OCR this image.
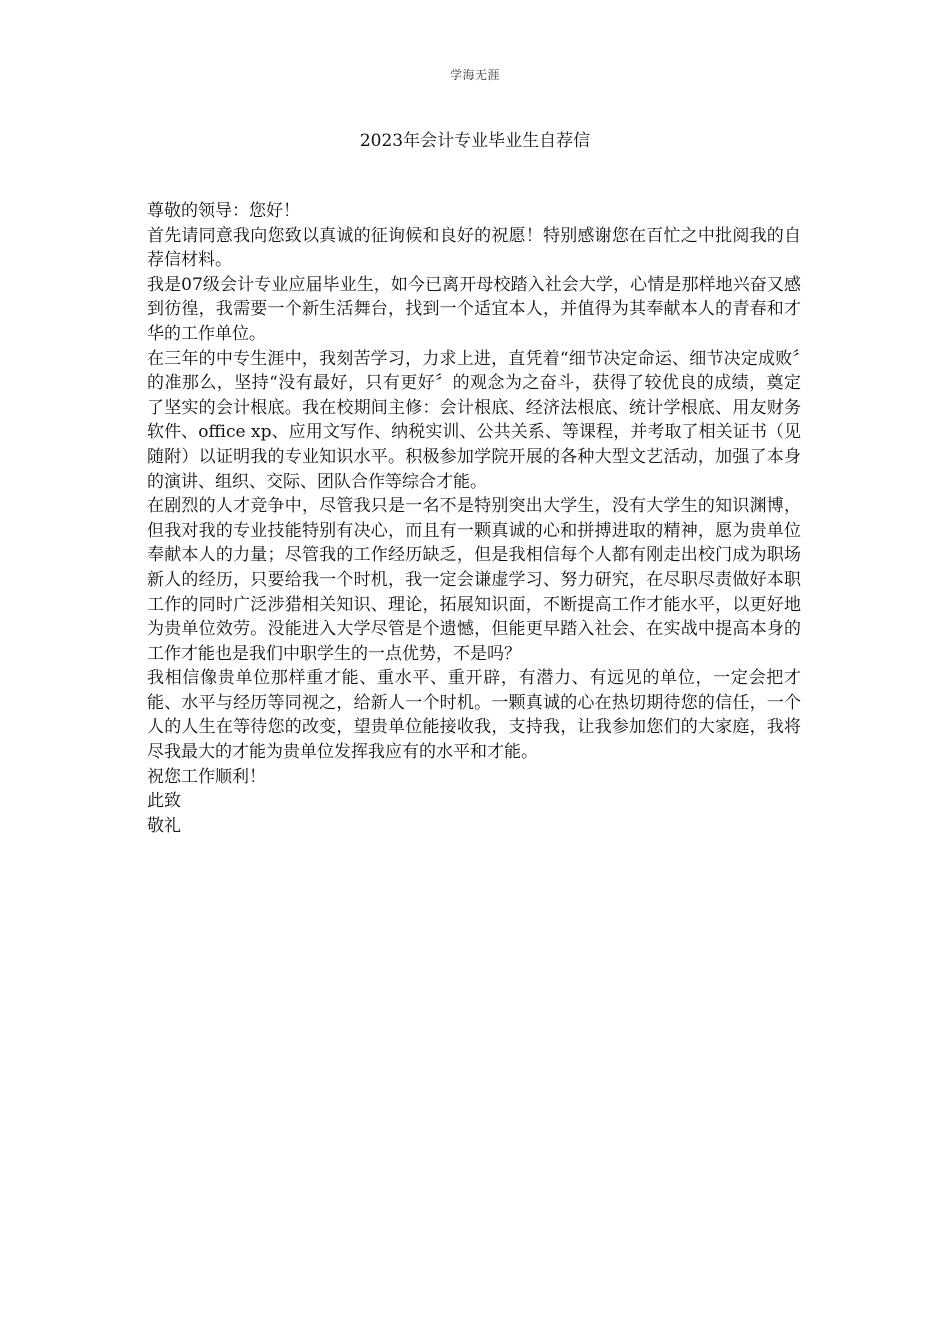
学海无涯
2023年会计专业毕业生自荐信

尊敬的领导：您好！

首先请同意我向您致以真诚的征询候和良好的祝愿！特别感谢您在百忙之中批阅我的自荐信材料。

我是07级会计专业应届毕业生，如今已离开母校踏入社会大学，心情是那样地兴奋又感到彷徨，我需要一个新生活舞台，找到一个适宜本人，并值得为其奉献本人的青春和才华的工作单位。

在三年的中专生涯中，我刻苦学习，力求上进，直凭着“细节决定命运、细节决定成败〞的准那么，坚持“没有最好，只有更好〞的观念为之奋斗，获得了较优良的成绩，奠定了坚实的会计根底。我在校期间主修：会计根底、经济法根底、统计学根底、用友财务软件、office xp、应用文写作、纳税实训、公共关系、等课程，并考取了相关证书（见随附）以证明我的专业知识水平。积极参加学院开展的各种大型文艺活动，加强了本身的演讲、组织、交际、团队合作等综合才能。

在剧烈的人才竞争中，尽管我只是一名不是特别突出大学生，没有大学生的知识渊博，但我对我的专业技能特别有决心，而且有一颗真诚的心和拼搏进取的精神，愿为贵单位奉献本人的力量；尽管我的工作经历缺乏，但是我相信每个人都有刚走出校门成为职场新人的经历，只要给我一个时机，我一定会谦虚学习、努力研究，在尽职尽责做好本职工作的同时广泛涉猎相关知识、理论，拓展知识面，不断提高工作才能水平，以更好地为贵单位效劳。没能进入大学尽管是个遗憾，但能更早踏入社会、在实战中提高本身的工作才能也是我们中职学生的一点优势，不是吗？

我相信像贵单位那样重才能、重水平、重开辟，有潜力、有远见的单位，一定会把才能、水平与经历等同视之，给新人一个时机。一颗真诚的心在热切期待您的信任，一个人的人生在等待您的改变，望贵单位能接收我，支持我，让我参加您们的大家庭，我将尽我最大的才能为贵单位发挥我应有的水平和才能。

祝您工作顺利！

此致

敬礼
